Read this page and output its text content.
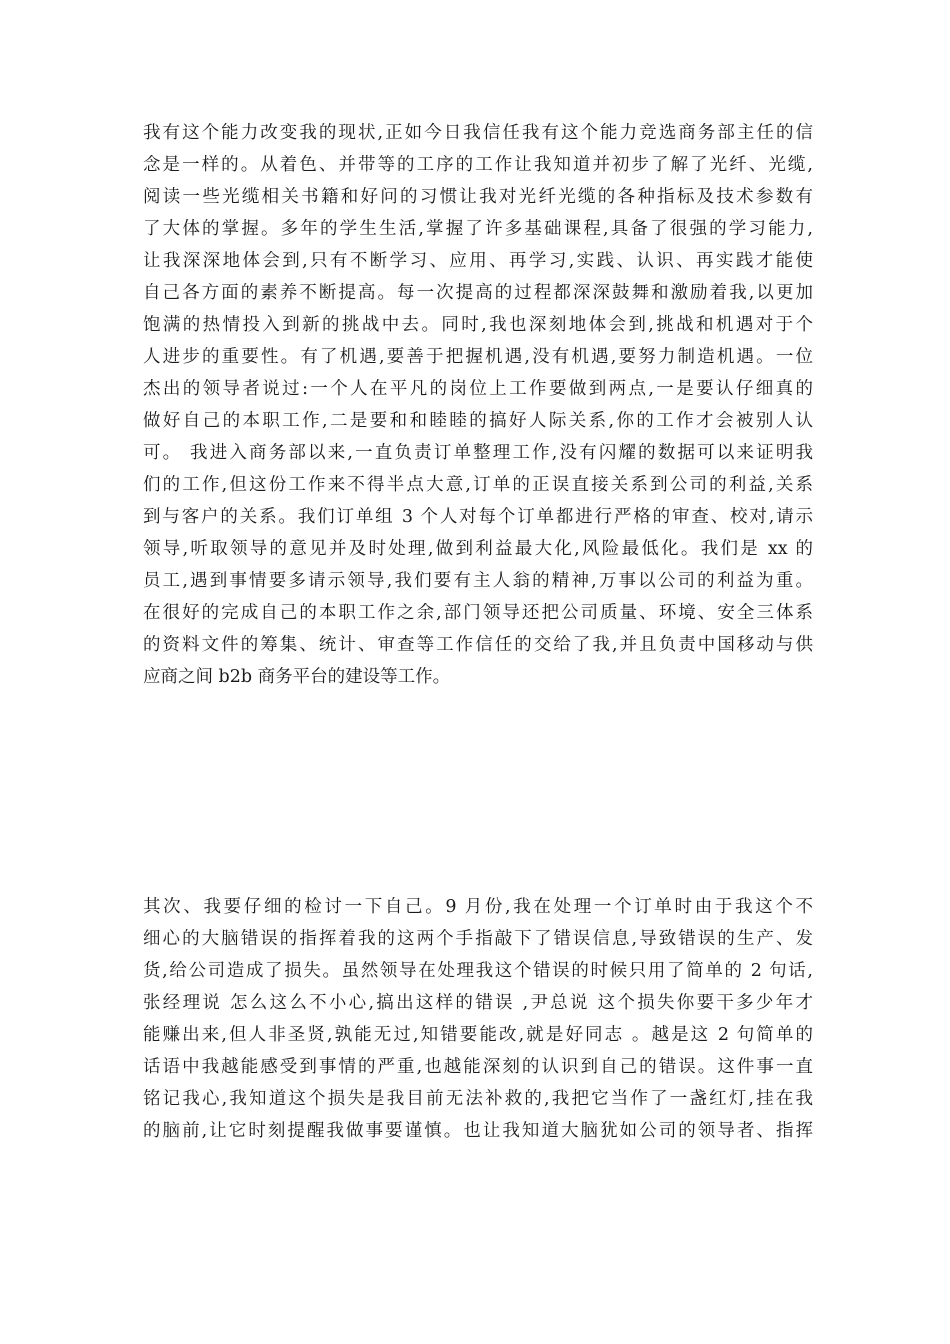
我有这个能力改变我的现状,正如今日我信任我有这个能力竞选商务部主任的信
念是一样的。从着色、并带等的工序的工作让我知道并初步了解了光纤、光缆,
阅读一些光缆相关书籍和好问的习惯让我对光纤光缆的各种指标及技术参数有
了大体的掌握。多年的学生生活,掌握了许多基础课程,具备了很强的学习能力,
让我深深地体会到,只有不断学习、应用、再学习,实践、认识、再实践才能使
自己各方面的素养不断提高。每一次提高的过程都深深鼓舞和激励着我,以更加
饱满的热情投入到新的挑战中去。同时,我也深刻地体会到,挑战和机遇对于个
人进步的重要性。有了机遇,要善于把握机遇,没有机遇,要努力制造机遇。一位
杰出的领导者说过:一个人在平凡的岗位上工作要做到两点,一是要认仔细真的
做好自己的本职工作,二是要和和睦睦的搞好人际关系,你的工作才会被别人认
可。 我进入商务部以来,一直负责订单整理工作,没有闪耀的数据可以来证明我
们的工作,但这份工作来不得半点大意,订单的正误直接关系到公司的利益,关系
到与客户的关系。我们订单组 3 个人对每个订单都进行严格的审查、校对,请示
领导,听取领导的意见并及时处理,做到利益最大化,风险最低化。我们是 xx 的
员工,遇到事情要多请示领导,我们要有主人翁的精神,万事以公司的利益为重。
在很好的完成自己的本职工作之余,部门领导还把公司质量、环境、安全三体系
的资料文件的筹集、统计、审查等工作信任的交给了我,并且负责中国移动与供
应商之间 b2b 商务平台的建设等工作。
其次、我要仔细的检讨一下自己。9 月份,我在处理一个订单时由于我这个不
细心的大脑错误的指挥着我的这两个手指敲下了错误信息,导致错误的生产、发
货,给公司造成了损失。虽然领导在处理我这个错误的时候只用了简单的 2 句话,
张经理说 怎么这么不小心,搞出这样的错误 ,尹总说 这个损失你要干多少年才
能赚出来,但人非圣贤,孰能无过,知错要能改,就是好同志 。越是这 2 句简单的
话语中我越能感受到事情的严重,也越能深刻的认识到自己的错误。这件事一直
铭记我心,我知道这个损失是我目前无法补救的,我把它当作了一盏红灯,挂在我
的脑前,让它时刻提醒我做事要谨慎。也让我知道大脑犹如公司的领导者、指挥
